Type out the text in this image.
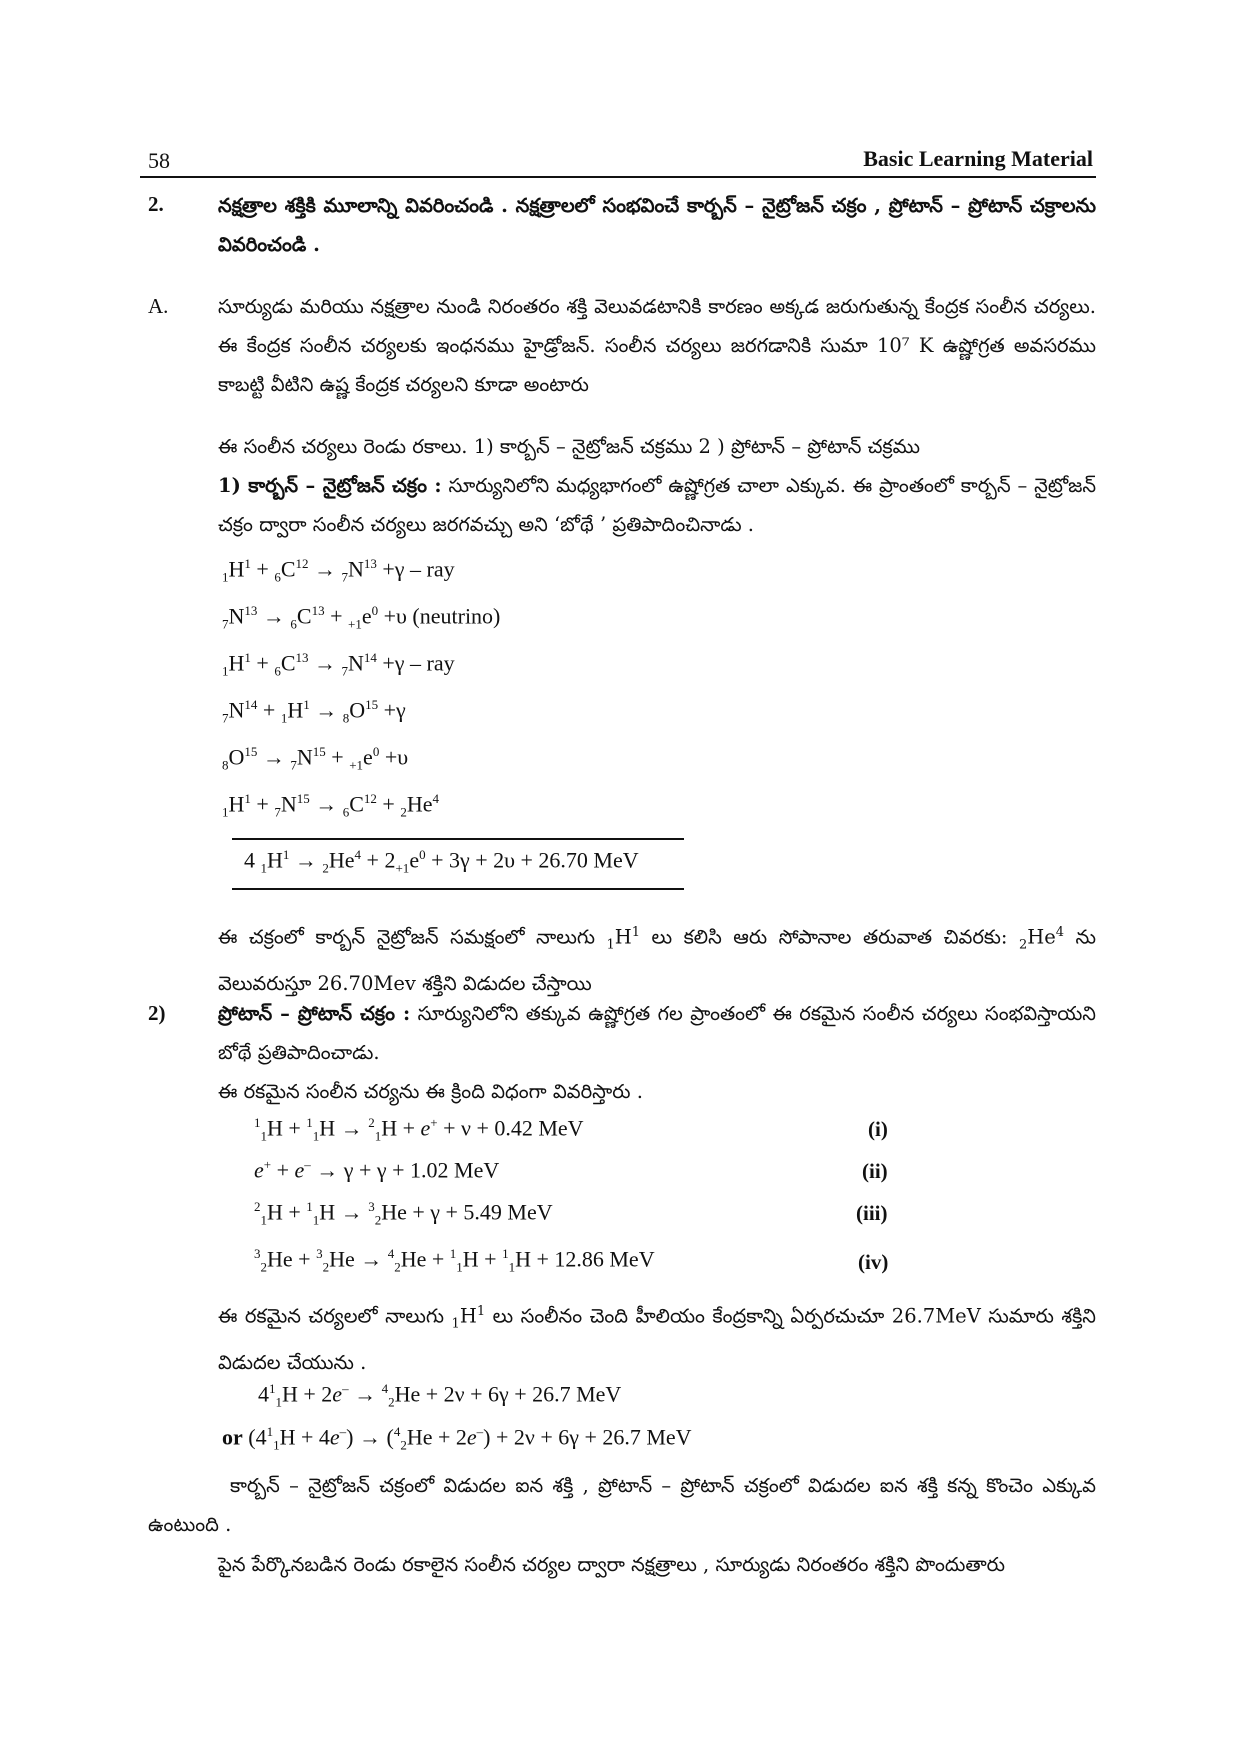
58	Basic Learning Material
2.	నక్షత్రాల శక్తికి మూలాన్ని వివరించండి . నక్షత్రాలలో సంభవించే కార్బన్ – నైట్రోజన్ చక్రం , ప్రోటాన్ – ప్రోటాన్ చక్రాలను వివరించండి .
A.	సూర్యుడు మరియు నక్షత్రాల నుండి నిరంతరం శక్తి వెలువడటానికి కారణం అక్కడ జరుగుతున్న కేంద్రక సంలీన చర్యలు. ఈ కేంద్రక సంలీన చర్యలకు ఇంధనము హైడ్రోజన్. సంలీన చర్యలు జరగడానికి సుమా 10⁷ K ఉష్ణోగ్రత అవసరము కాబట్టి వీటిని ఉష్ణ కేంద్రక చర్యలని కూడా అంటారు
ఈ సంలీన చర్యలు రెండు రకాలు. 1) కార్బన్ – నైట్రోజన్ చక్రము 2 ) ప్రోటాన్ – ప్రోటాన్ చక్రము
1) కార్బన్ – నైట్రోజన్ చక్రం : సూర్యునిలోని మధ్యభాగంలో ఉష్ణోగ్రత చాలా ఎక్కువ. ఈ ప్రాంతంలో కార్బన్ – నైట్రోజన్ చక్రం ద్వారా సంలీన చర్యలు జరగవచ్చు అని ‘బోథే ’ ప్రతిపాదించినాడు .
$_1H^1 + _6C^{12} \to _7N^{13} +\gamma$ – ray
$_7N^{13} \to _6C^{13} + _{+1}e^0 +\upsilon$ (neutrino)
$_1H^1 + _6C^{13} \to _7N^{14} +\gamma$ – ray
$_7N^{14} + _1H^1 \to _8O^{15} +\gamma$
$_8O^{15} \to _7N^{15} + _{+1}e^0 +\upsilon$
$_1H^1 + _7N^{15} \to _6C^{12} + _2He^4$
4 $_1H^1 \to _2He^4 + 2_{+1}e^0 + 3\gamma + 2\upsilon + 26.70$ MeV
ఈ చక్రంలో కార్బన్ నైట్రోజన్ సమక్షంలో నాలుగు $_1H^1$ లు కలిసి ఆరు సోపానాల తరువాత చివరకు: $_2He^4$ ను వెలువరుస్తూ 26.70Mev శక్తిని విడుదల చేస్తాయి
2)	ప్రోటాన్ – ప్రోటాన్ చక్రం : సూర్యునిలోని తక్కువ ఉష్ణోగ్రత గల ప్రాంతంలో ఈ రకమైన సంలీన చర్యలు సంభవిస్తాయని బోథే ప్రతిపాదించాడు.
ఈ రకమైన సంలీన చర్యను ఈ క్రింది విధంగా వివరిస్తారు .
$^1_1$H + $^1_1$H → $^2_1$H + e+ + ν + 0.42 MeV	(i)
e+ + e– → γ + γ + 1.02 MeV	(ii)
$^2_1$H + $^1_1$H → $^3_2$He + γ + 5.49 MeV	(iii)
$^3_2$He + $^3_2$He → $^4_2$He + $^1_1$H + $^1_1$H + 12.86 MeV	(iv)
ఈ రకమైన చర్యలలో నాలుగు $_1H^1$ లు సంలీనం చెంది హీలియం కేంద్రకాన్ని ఏర్పరచుచూ 26.7MeV సుమారు శక్తిని విడుదల చేయును .
$4^1_1H + 2e^- \to ^4_2He + 2\nu + 6\gamma + 26.7$ MeV
or $(4^1_1H + 4e^-) \to (^4_2He + 2e^-) + 2\nu + 6\gamma + 26.7$ MeV
కార్బన్ – నైట్రోజన్ చక్రంలో విడుదల ఐన శక్తి , ప్రోటాన్ – ప్రోటాన్ చక్రంలో విడుదల ఐన శక్తి కన్న కొంచెం ఎక్కువ ఉంటుంది .
పైన పేర్కొనబడిన రెండు రకాలైన సంలీన చర్యల ద్వారా నక్షత్రాలు , సూర్యుడు నిరంతరం శక్తిని పొందుతారు
